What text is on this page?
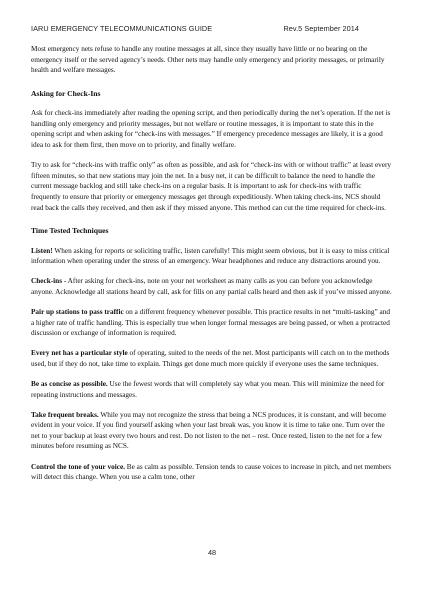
IARU EMERGENCY TELECOMMUNICATIONS GUIDE	Rev.5 September 2014

Most emergency nets refuse to handle any routine messages at all, since they usually have little or no bearing on the emergency itself or the served agency’s needs. Other nets may handle only emergency and priority messages, or primarily health and welfare messages.

Asking for Check-Ins

Ask for check-ins immediately after reading the opening script, and then periodically during the net’s operation. If the net is handling only emergency and priority messages, but not welfare or routine messages, it is important to state this in the opening script and when asking for “check-ins with messages.” If emergency precedence messages are likely, it is a good idea to ask for them first, then move on to priority, and finally welfare.

Try to ask for “check-ins with traffic only” as often as possible, and ask for “check-ins with or without traffic” at least every fifteen minutes, so that new stations may join the net. In a busy net, it can be difficult to balance the need to handle the current message backlog and still take check-ins on a regular basis. It is important to ask for check-ins with traffic frequently to ensure that priority or emergency messages get through expeditiously. When taking check-ins, NCS should read back the calls they received, and then ask if they missed anyone. This method can cut the time required for check-ins.

Time Tested Techniques

Listen! When asking for reports or soliciting traffic, listen carefully! This might seem obvious, but it is easy to miss critical information when operating under the stress of an emergency. Wear headphones and reduce any distractions around you.

Check-ins - After asking for check-ins, note on your net worksheet as many calls as you can before you acknowledge anyone. Acknowledge all stations heard by call, ask for fills on any partial calls heard and then ask if you’ve missed anyone.

Pair up stations to pass traffic on a different frequency whenever possible. This practice results in net “multi-tasking” and a higher rate of traffic handling. This is especially true when longer formal messages are being passed, or when a protracted discussion or exchange of information is required.

Every net has a particular style of operating, suited to the needs of the net. Most participants will catch on to the methods used, but if they do not, take time to explain. Things get done much more quickly if everyone uses the same techniques.

Be as concise as possible. Use the fewest words that will completely say what you mean. This will minimize the need for repeating instructions and messages.

Take frequent breaks. While you may not recognize the stress that being a NCS produces, it is constant, and will become evident in your voice. If you find yourself asking when your last break was, you know it is time to take one. Turn over the net to your backup at least every two hours and rest. Do not listen to the net – rest. Once rested, listen to the net for a few minutes before resuming as NCS.

Control the tone of your voice. Be as calm as possible. Tension tends to cause voices to increase in pitch, and net members will detect this change. When you use a calm tone, other

48
